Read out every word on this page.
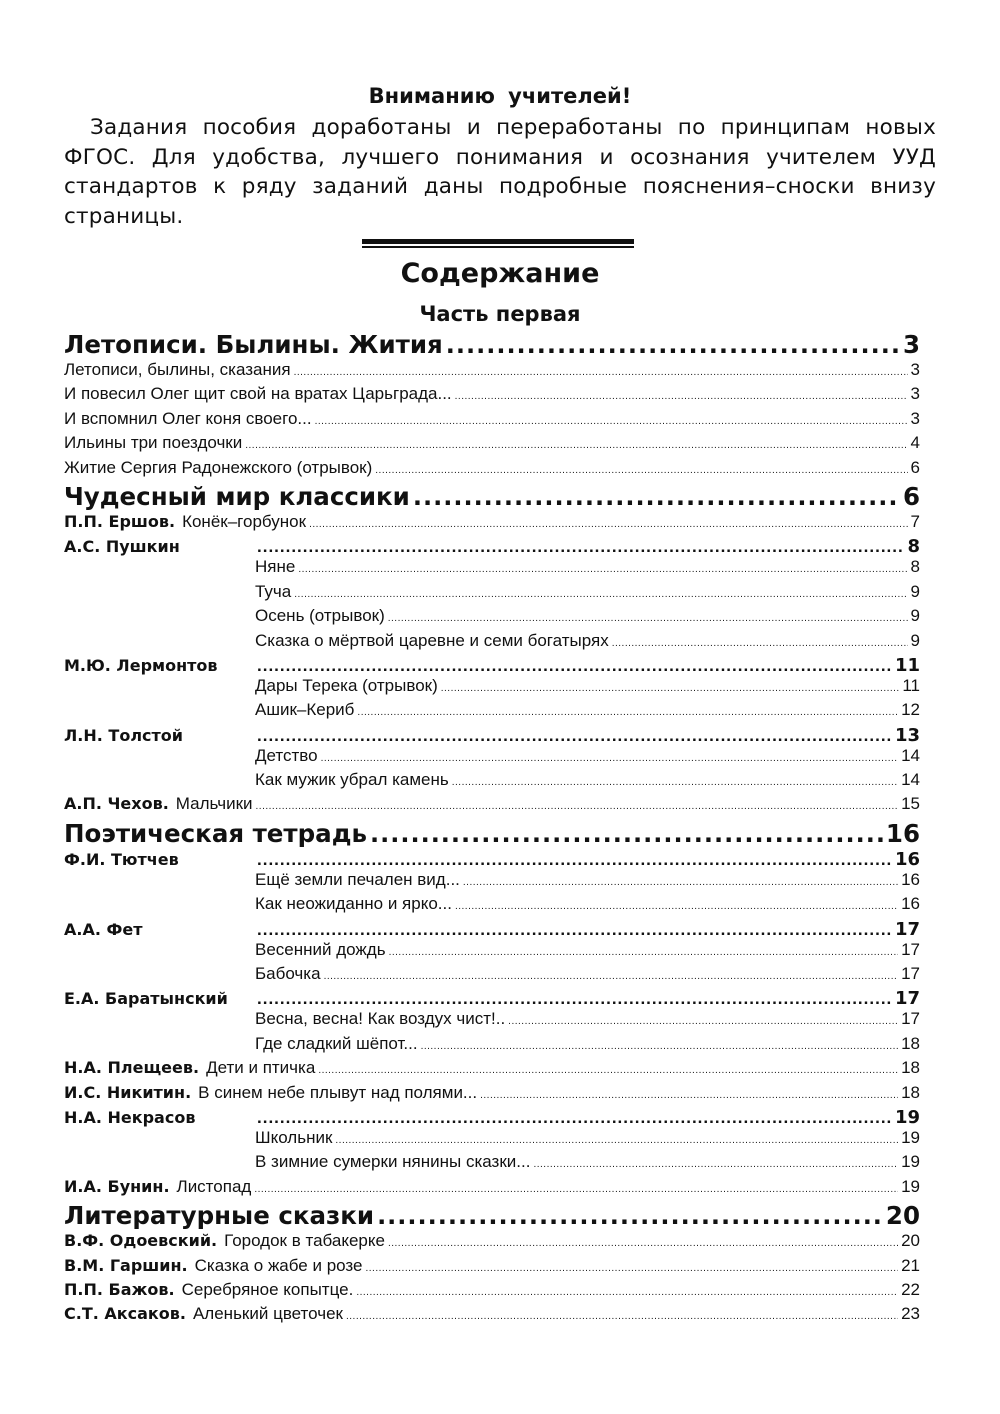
Вниманию учителей!
Задания пособия доработаны и переработаны по принципам новых ФГОС. Для удобства, лучшего понимания и осознания учителем УУД стандартов к ряду заданий даны подробные пояснения–сноски внизу страницы.
Содержание
Часть первая
Летописи. Былины. Жития .....	3
Летописи, былины, сказания .....	3
И повесил Олег щит свой на вратах Царьграда... .....	3
И вспомнил Олег коня своего... .....	3
Ильины три поездочки .....	4
Житие Сергия Радонежского (отрывок) .....	6
Чудесный мир классики .....	6
П.П. Ершов. Конёк–горбунок .....	7
А.С. Пушкин .....	8
Няне .....	8
Туча .....	9
Осень (отрывок) .....	9
Сказка о мёртвой царевне и семи богатырях .....	9
М.Ю. Лермонтов .....	11
Дары Терека (отрывок) .....	11
Ашик–Кериб .....	12
Л.Н. Толстой .....	13
Детство .....	14
Как мужик убрал камень .....	14
А.П. Чехов. Мальчики .....	15
Поэтическая тетрадь .....	16
Ф.И. Тютчев .....	16
Ещё земли печален вид... .....	16
Как неожиданно и ярко... .....	16
А.А. Фет .....	17
Весенний дождь .....	17
Бабочка .....	17
Е.А. Баратынский .....	17
Весна, весна! Как воздух чист!.. .....	17
Где сладкий шёпот... .....	18
Н.А. Плещеев. Дети и птичка .....	18
И.С. Никитин. В синем небе плывут над полями... .....	18
Н.А. Некрасов .....	19
Школьник .....	19
В зимние сумерки нянины сказки... .....	19
И.А. Бунин. Листопад .....	19
Литературные сказки .....	20
В.Ф. Одоевский. Городок в табакерке .....	20
В.М. Гаршин. Сказка о жабе и розе .....	21
П.П. Бажов. Серебряное копытце. .....	22
С.Т. Аксаков. Аленький цветочек .....	23
